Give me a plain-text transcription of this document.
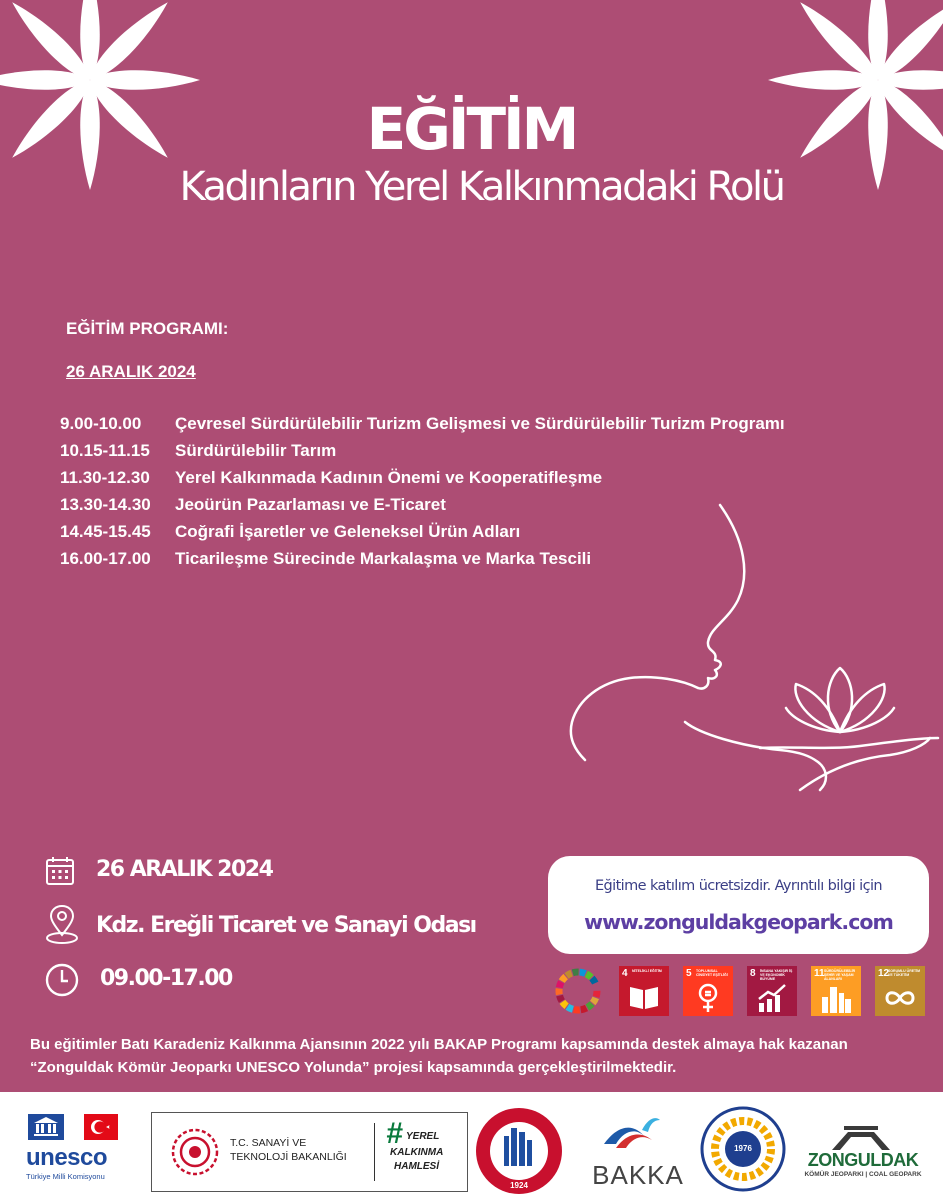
EĞİTİM
Kadınların Yerel Kalkınmadaki Rolü
EĞİTİM PROGRAMI:
26 ARALIK 2024
9.00-10.00 Çevresel Sürdürülebilir Turizm Gelişmesi ve Sürdürülebilir Turizm Programı
10.15-11.15 Sürdürülebilir Tarım
11.30-12.30 Yerel Kalkınmada Kadının Önemi ve Kooperatifleşme
13.30-14.30 Jeoürün Pazarlaması ve E-Ticaret
14.45-15.45 Coğrafi İşaretler ve Geleneksel Ürün Adları
16.00-17.00 Ticarileşme Sürecinde Markalaşma ve Marka Tescili
26 ARALIK 2024
Kdz. Ereğli Ticaret ve Sanayi Odası
09.00-17.00
Eğitime katılım ücretsizdir. Ayrıntılı bilgi için
www.zonguldakgeopark.com
4 NİTELİKLİ EĞİTİM	5 TOPLUMSAL CİNSİYET EŞİTLİĞİ	8 İNSANA YAKIŞIR İŞ VE EKONOMİK BÜYÜME	11 SÜRDÜRÜLEBİLİR ŞEHİR VE YAŞAM ALANLARI	12
SORUMLU ÜRETİM VE TÜKETİM
Bu eğitimler Batı Karadeniz Kalkınma Ajansının 2022 yılı BAKAP Programı kapsamında destek almaya hak kazanan “Zonguldak Kömür Jeoparkı UNESCO Yolunda” projesi kapsamında gerçekleştirilmektedir.
unesco
Türkiye Milli Komisyonu
T.C. SANAYİ VE
TEKNOLOJİ BAKANLIĞI
# YEREL
KALKINMA
HAMLESİ
1924	BAKKA
1976
ZONGULDAK
KÖMÜR JEOPARKI | COAL GEOPARK
